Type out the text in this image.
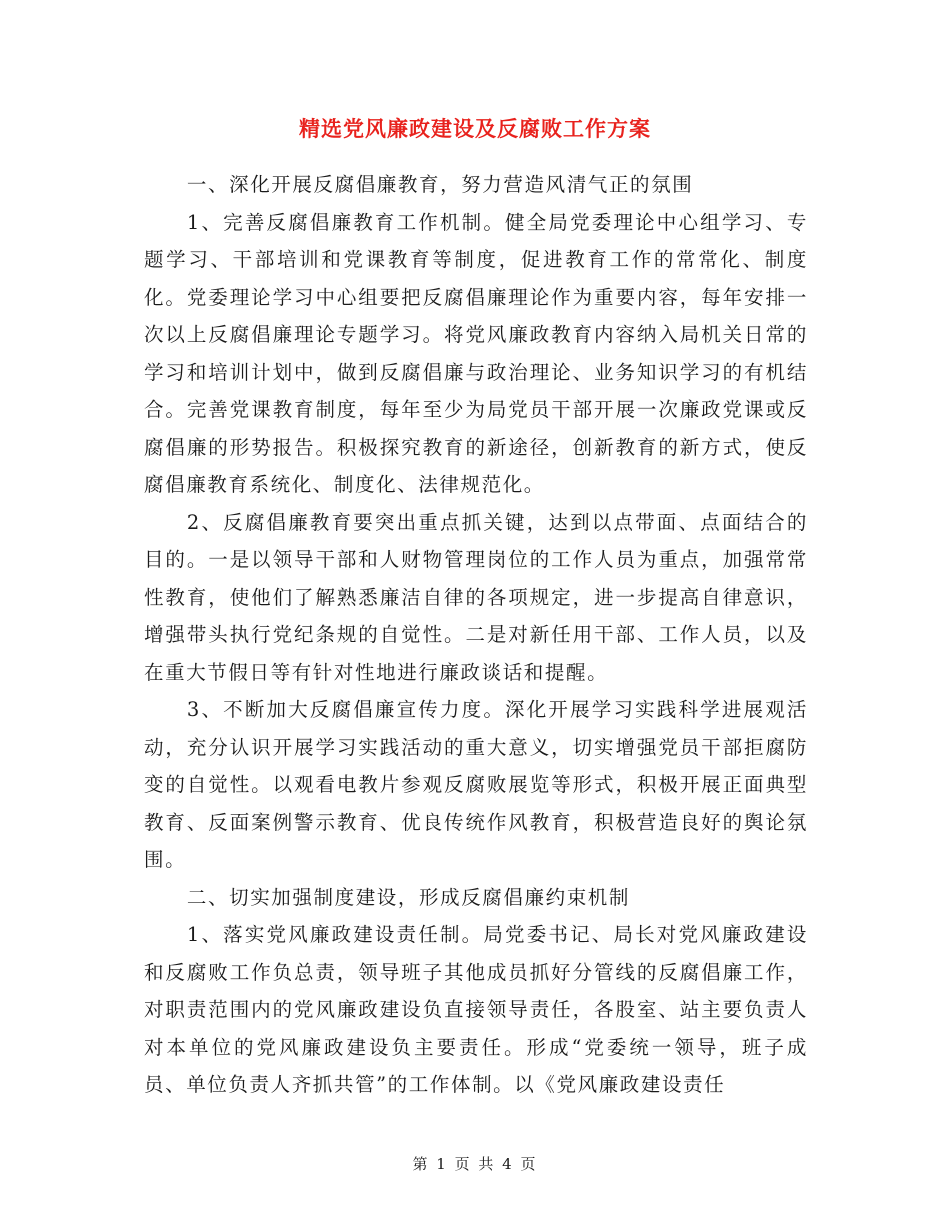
精选党风廉政建设及反腐败工作方案

一、深化开展反腐倡廉教育，努力营造风清气正的氛围

1、完善反腐倡廉教育工作机制。健全局党委理论中心组学习、专题学习、干部培训和党课教育等制度，促进教育工作的常常化、制度化。党委理论学习中心组要把反腐倡廉理论作为重要内容，每年安排一次以上反腐倡廉理论专题学习。将党风廉政教育内容纳入局机关日常的学习和培训计划中，做到反腐倡廉与政治理论、业务知识学习的有机结合。完善党课教育制度，每年至少为局党员干部开展一次廉政党课或反腐倡廉的形势报告。积极探究教育的新途径，创新教育的新方式，使反腐倡廉教育系统化、制度化、法律规范化。

2、反腐倡廉教育要突出重点抓关键，达到以点带面、点面结合的目的。一是以领导干部和人财物管理岗位的工作人员为重点，加强常常性教育，使他们了解熟悉廉洁自律的各项规定，进一步提高自律意识，增强带头执行党纪条规的自觉性。二是对新任用干部、工作人员，以及在重大节假日等有针对性地进行廉政谈话和提醒。

3、不断加大反腐倡廉宣传力度。深化开展学习实践科学进展观活动，充分认识开展学习实践活动的重大意义，切实增强党员干部拒腐防变的自觉性。以观看电教片参观反腐败展览等形式，积极开展正面典型教育、反面案例警示教育、优良传统作风教育，积极营造良好的舆论氛围。

二、切实加强制度建设，形成反腐倡廉约束机制

1、落实党风廉政建设责任制。局党委书记、局长对党风廉政建设和反腐败工作负总责，领导班子其他成员抓好分管线的反腐倡廉工作，对职责范围内的党风廉政建设负直接领导责任，各股室、站主要负责人对本单位的党风廉政建设负主要责任。形成“党委统一领导，班子成员、单位负责人齐抓共管”的工作体制。以《党风廉政建设责任

第 1 页 共 4 页
